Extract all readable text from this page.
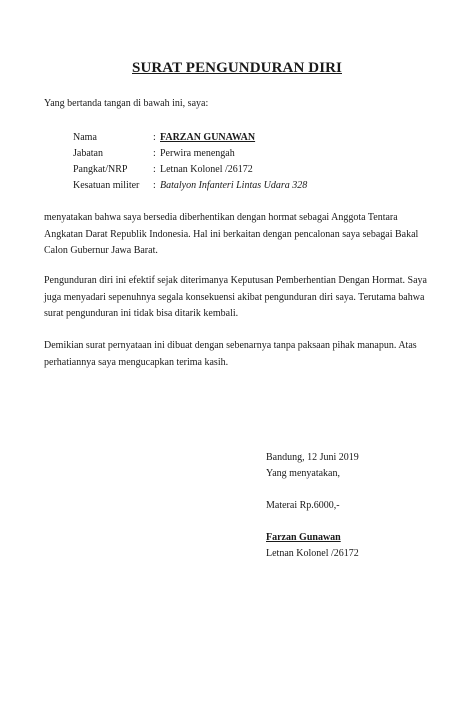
SURAT PENGUNDURAN DIRI
Yang bertanda tangan di bawah ini, saya:
Nama	: FARZAN GUNAWAN
Jabatan	: Perwira menengah
Pangkat/NRP	: Letnan Kolonel /26172
Kesatuan militer	: Batalyon Infanteri Lintas Udara 328

menyatakan bahwa saya bersedia diberhentikan dengan hormat sebagai Anggota Tentara Angkatan Darat Republik Indonesia. Hal ini berkaitan dengan pencalonan saya sebagai Bakal Calon Gubernur Jawa Barat.

Pengunduran diri ini efektif sejak diterimanya Keputusan Pemberhentian Dengan Hormat. Saya juga menyadari sepenuhnya segala konsekuensi akibat pengunduran diri saya. Terutama bahwa surat pengunduran ini tidak bisa ditarik kembali.

Demikian surat pernyataan ini dibuat dengan sebenarnya tanpa paksaan pihak manapun. Atas perhatiannya saya mengucapkan terima kasih.

Bandung, 12 Juni 2019
Yang menyatakan,
Materai Rp.6000,-
Farzan Gunawan
Letnan Kolonel /26172
